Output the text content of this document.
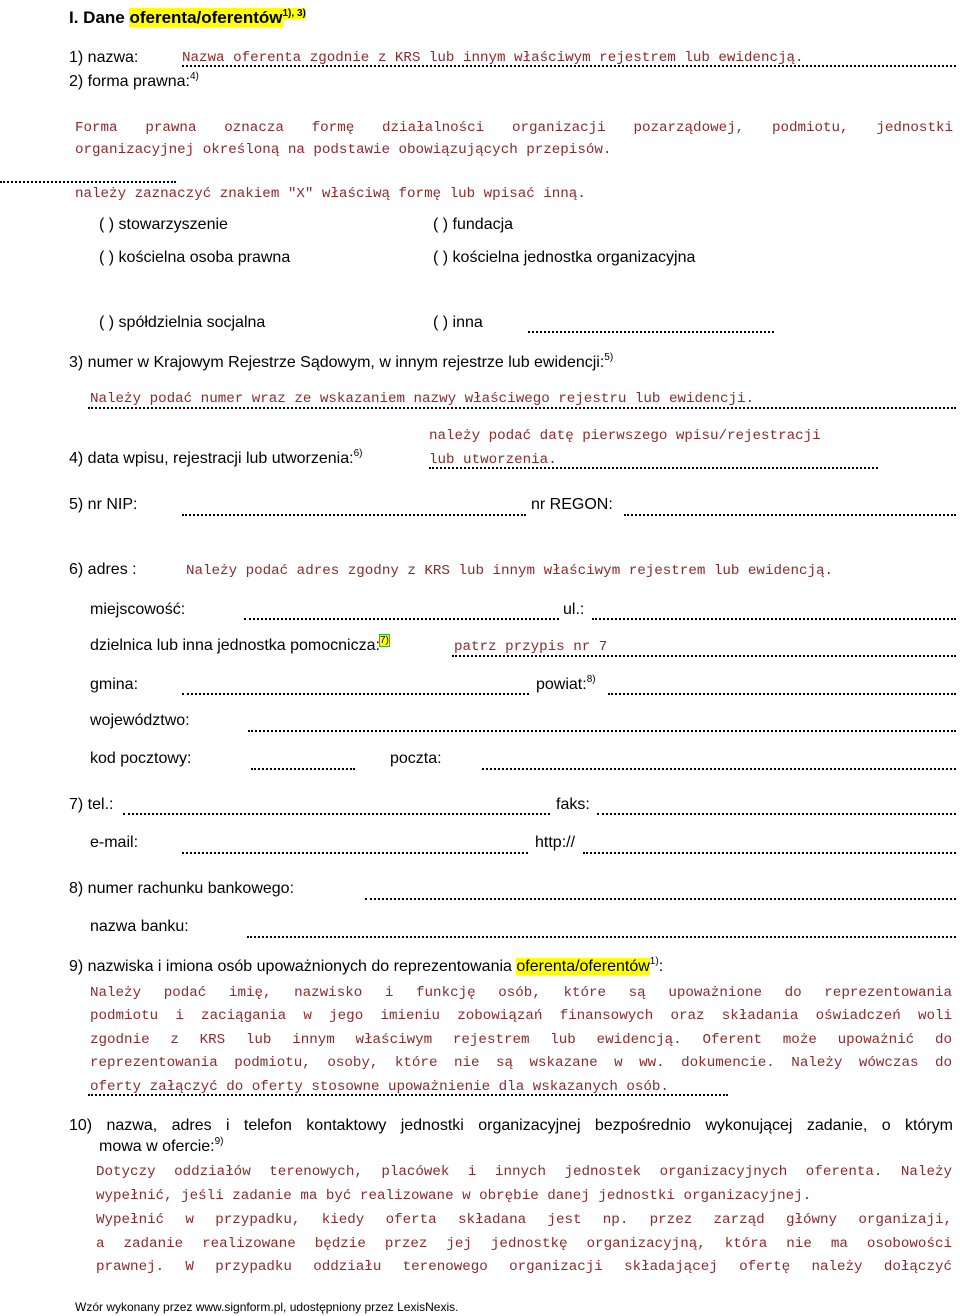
I. Dane oferenta/oferentów$^{1), 3)}$
1) nazwa:	Nazwa oferenta zgodnie z KRS lub innym właściwym rejestrem lub ewidencją.
2) forma prawna:$^{4)}$
Forma prawna oznacza formę działalności organizacji pozarządowej, podmiotu, jednostki
organizacyjnej określoną na podstawie obowiązujących przepisów.
należy zaznaczyć znakiem "X" właściwą formę lub wpisać inną.
( ) stowarzyszenie	( ) fundacja
( ) kościelna osoba prawna	( ) kościelna jednostka organizacyjna
( ) spółdzielnia socjalna	( ) inna
3) numer w Krajowym Rejestrze Sądowym, w innym rejestrze lub ewidencji:$^{5)}$
Należy podać numer wraz ze wskazaniem nazwy właściwego rejestru lub ewidencji.
należy podać datę pierwszego wpisu/rejestracji
4) data wpisu, rejestracji lub utworzenia:$^{6)}$	lub utworzenia.
5) nr NIP:	nr REGON:
6) adres :	Należy podać adres zgodny z KRS lub innym właściwym rejestrem lub ewidencją.
miejscowość:	ul.:
dzielnica lub inna jednostka pomocnicza:$^{7)}$	patrz przypis nr 7
gmina:	powiat:$^{8)}$
województwo:
kod pocztowy:	poczta:
7) tel.:	faks:
e-mail:	http://
8) numer rachunku bankowego:
nazwa banku:
9) nazwiska i imiona osób upoważnionych do reprezentowania oferenta/oferentów$^{1)}$:
Należy podać imię, nazwisko i funkcję osób, które są upoważnione do reprezentowania
podmiotu i zaciągania w jego imieniu zobowiązań finansowych oraz składania oświadczeń woli
zgodnie z KRS lub innym właściwym rejestrem lub ewidencją. Oferent może upoważnić do
reprezentowania podmiotu, osoby, które nie są wskazane w ww. dokumencie. Należy wówczas do
oferty załączyć do oferty stosowne upoważnienie dla wskazanych osób.
10) nazwa, adres i telefon kontaktowy jednostki organizacyjnej bezpośrednio wykonującej zadanie, o którym
mowa w ofercie:$^{9)}$
Dotyczy oddziałów terenowych, placówek i innych jednostek organizacyjnych oferenta. Należy
wypełnić, jeśli zadanie ma być realizowane w obrębie danej jednostki organizacyjnej.
Wypełnić w przypadku, kiedy oferta składana jest np. przez zarząd główny organizaji,
a zadanie realizowane będzie przez jej jednostkę organizacyjną, która nie ma osobowości
prawnej. W przypadku oddziału terenowego organizacji składającej ofertę należy dołączyć
Wzór wykonany przez www.signform.pl, udostępniony przez LexisNexis.
